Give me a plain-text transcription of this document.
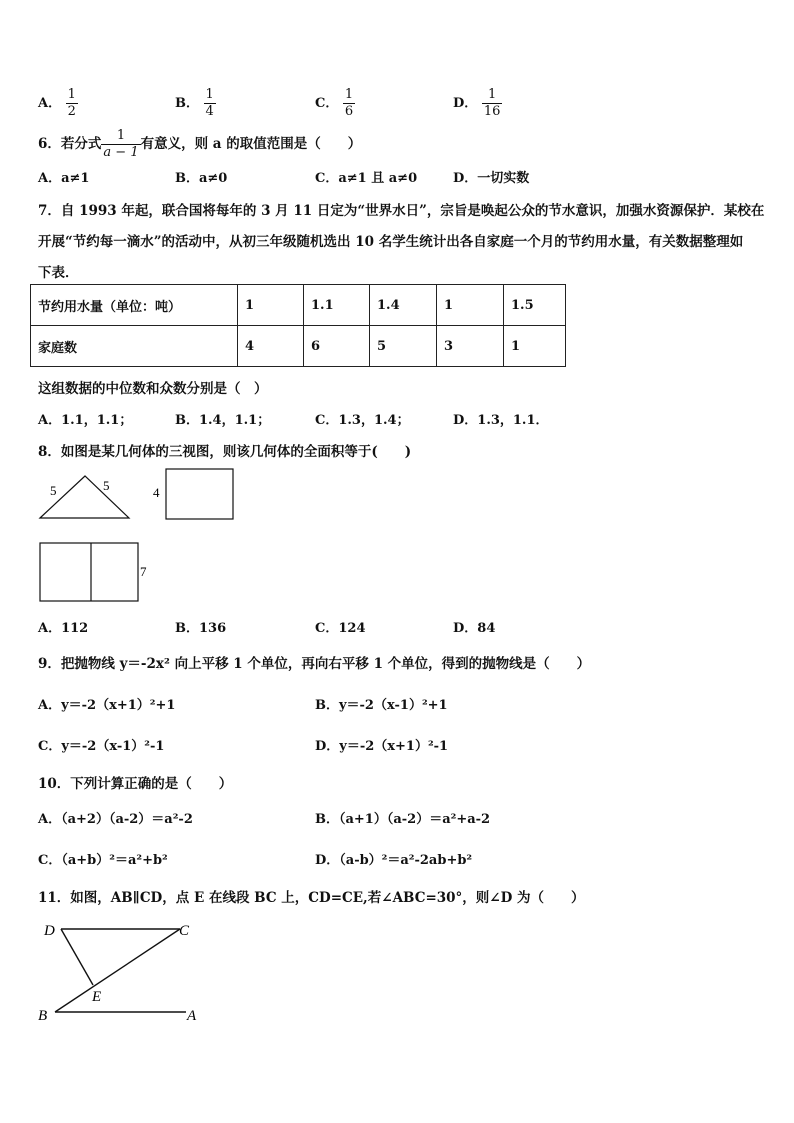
A． $\frac{1}{2}$	B． $\frac{1}{4}$	C． $\frac{1}{6}$	D． $\frac{1}{16}$
6．若分式 $\frac{1}{a - 1}$ 有意义，则 a 的取值范围是（　　）
A．a≠1	B．a≠0	C．a≠1 且 a≠0	D．一切实数
7．自 1993 年起，联合国将每年的 3 月 11 日定为“世界水日”，宗旨是唤起公众的节水意识，加强水资源保护．某校在
开展“节约每一滴水”的活动中，从初三年级随机选出 10 名学生统计出各自家庭一个月的节约用水量，有关数据整理如
下表．
节约用水量（单位：吨）	1	1.1	1.4	1	1.5
家庭数	4	6	5	3	1
这组数据的中位数和众数分别是（　）
A．1.1，1.1；	B．1.4，1.1；	C．1.3，1.4；	D．1.3，1.1．
8．如图是某几何体的三视图，则该几何体的全面积等于(　　)
5	5	4
7
A．112	B．136	C．124	D．84
9．把抛物线 y＝-2x² 向上平移 1 个单位，再向右平移 1 个单位，得到的抛物线是（　　）
A．y＝-2（x+1）²+1	B．y＝-2（x-1）²+1
C．y＝-2（x-1）²-1	D．y＝-2（x+1）²-1
10．下列计算正确的是（　　）
A．（a+2）（a-2）＝a²-2	B．（a+1）（a-2）＝a²+a-2
C．（a+b）²＝a²+b²	D．（a-b）²＝a²-2ab+b²
11．如图，AB∥CD，点 E 在线段 BC 上，CD=CE,若∠ABC=30°，则∠D 为（　　）
D	C
E
B	A
